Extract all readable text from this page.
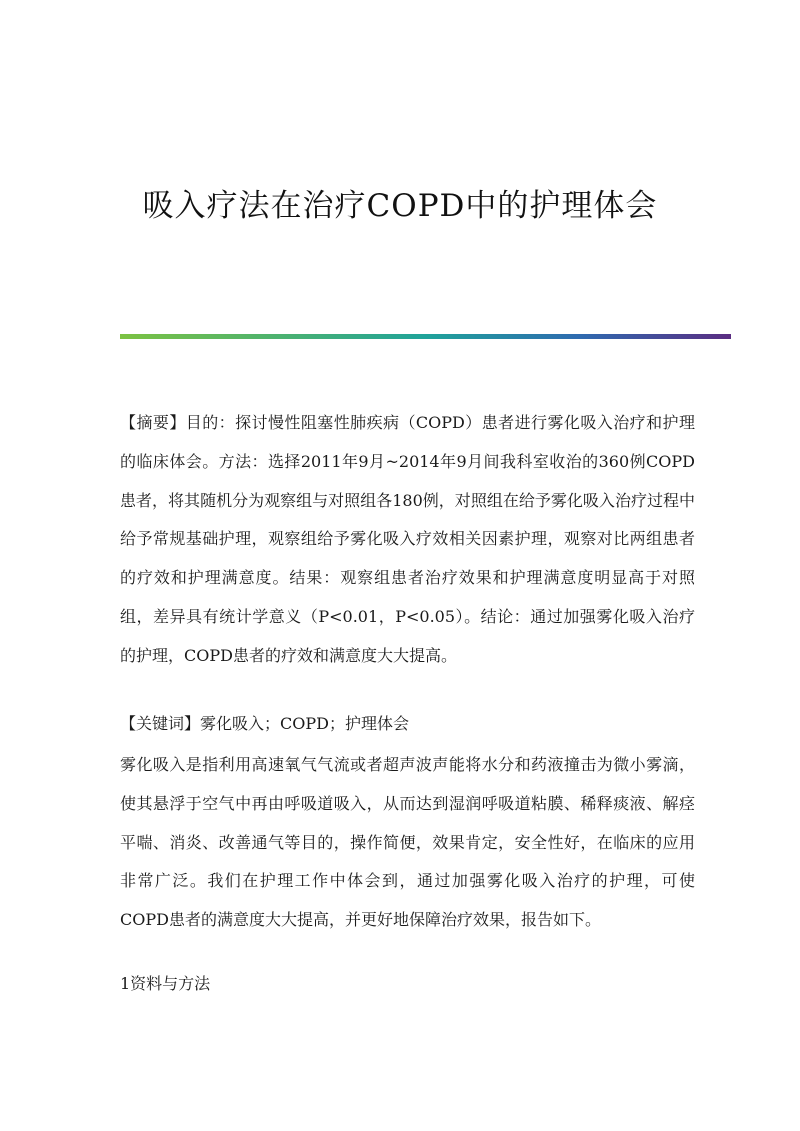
吸入疗法在治疗COPD中的护理体会

【摘要】目的：探讨慢性阻塞性肺疾病（COPD）患者进行雾化吸入治疗和护理的临床体会。方法：选择2011年9月~2014年9月间我科室收治的360例COPD患者，将其随机分为观察组与对照组各180例，对照组在给予雾化吸入治疗过程中给予常规基础护理，观察组给予雾化吸入疗效相关因素护理，观察对比两组患者的疗效和护理满意度。结果：观察组患者治疗效果和护理满意度明显高于对照组，差异具有统计学意义（P<0.01，P<0.05）。结论：通过加强雾化吸入治疗的护理，COPD患者的疗效和满意度大大提高。

【关键词】雾化吸入；COPD；护理体会

雾化吸入是指利用高速氧气气流或者超声波声能将水分和药液撞击为微小雾滴，使其悬浮于空气中再由呼吸道吸入，从而达到湿润呼吸道粘膜、稀释痰液、解痉平喘、消炎、改善通气等目的，操作简便，效果肯定，安全性好，在临床的应用非常广泛。我们在护理工作中体会到，通过加强雾化吸入治疗的护理，可使COPD患者的满意度大大提高，并更好地保障治疗效果，报告如下。

1资料与方法
